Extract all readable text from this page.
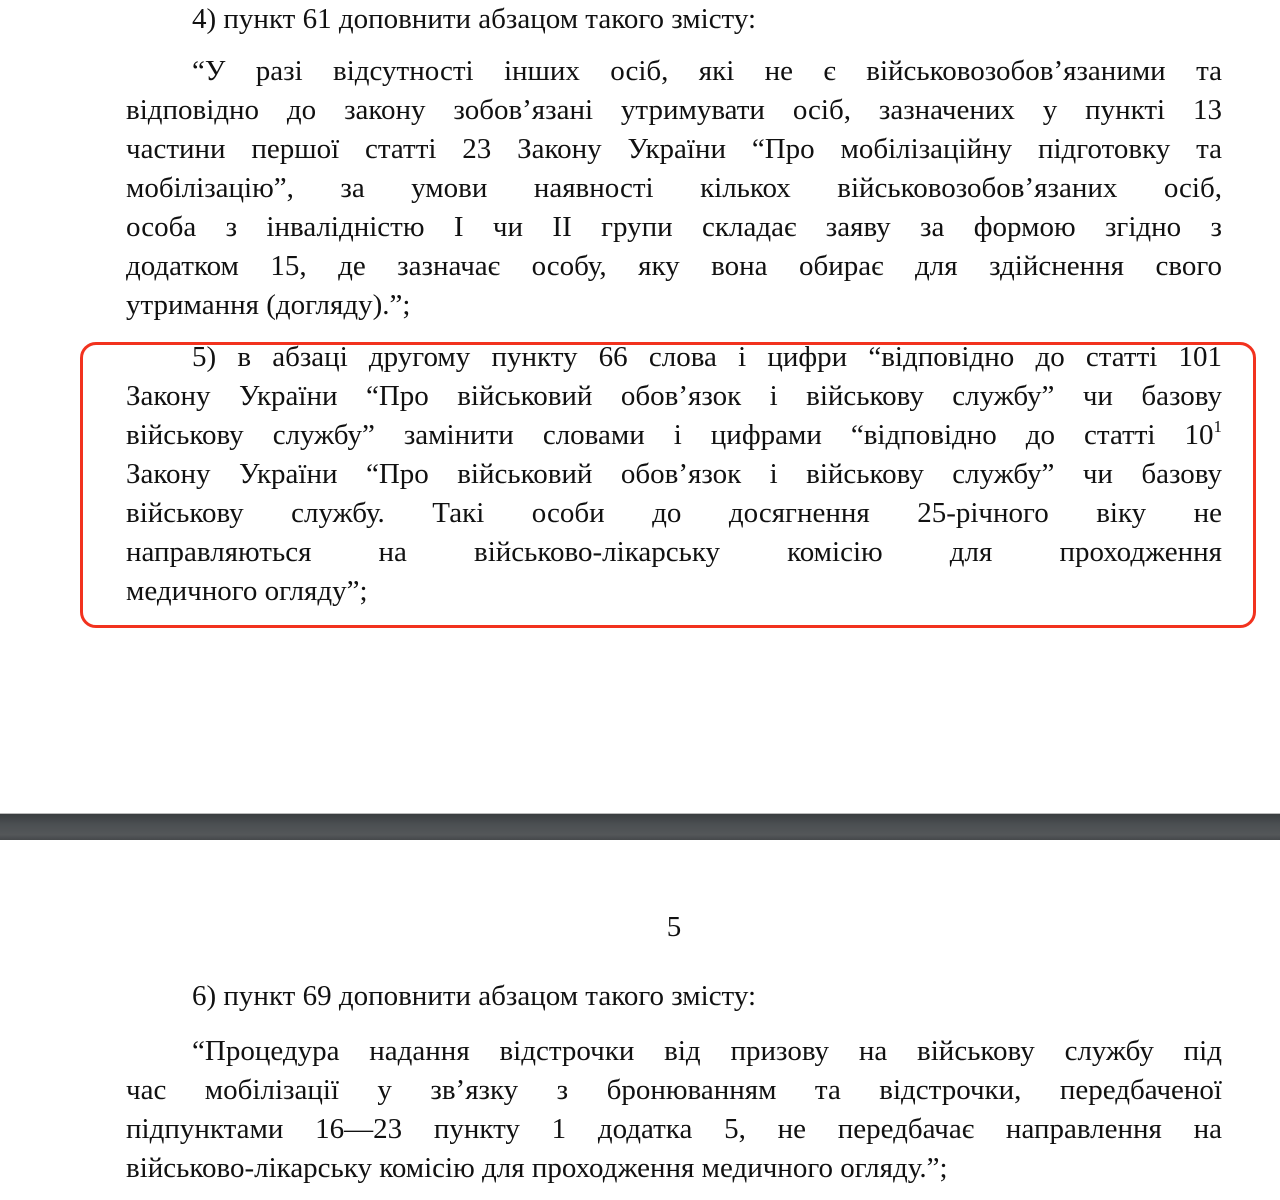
4) пункт 61 доповнити абзацом такого змісту:
“У разі відсутності інших осіб, які не є військовозобов’язаними та
відповідно до закону зобов’язані утримувати осіб, зазначених у пункті 13
частини першої статті 23 Закону України “Про мобілізаційну підготовку та
мобілізацію”, за умови наявності кількох військовозобов’язаних осіб,
особа з інвалідністю I чи II групи складає заяву за формою згідно з
додатком 15, де зазначає особу, яку вона обирає для здійснення свого
утримання (догляду).”;
5) в абзаці другому пункту 66 слова і цифри “відповідно до статті 101
Закону України “Про військовий обов’язок і військову службу” чи базову
військову службу” замінити словами і цифрами “відповідно до статті $10^1$
Закону України “Про військовий обов’язок і військову службу” чи базову
військову службу. Такі особи до досягнення 25-річного віку не
направляються на військово-лікарську комісію для проходження
медичного огляду”;
5
6) пункт 69 доповнити абзацом такого змісту:
“Процедура надання відстрочки від призову на військову службу під
час мобілізації у зв’язку з бронюванням та відстрочки, передбаченої
підпунктами 16—23 пункту 1 додатка 5, не передбачає направлення на
військово-лікарську комісію для проходження медичного огляду.”;
